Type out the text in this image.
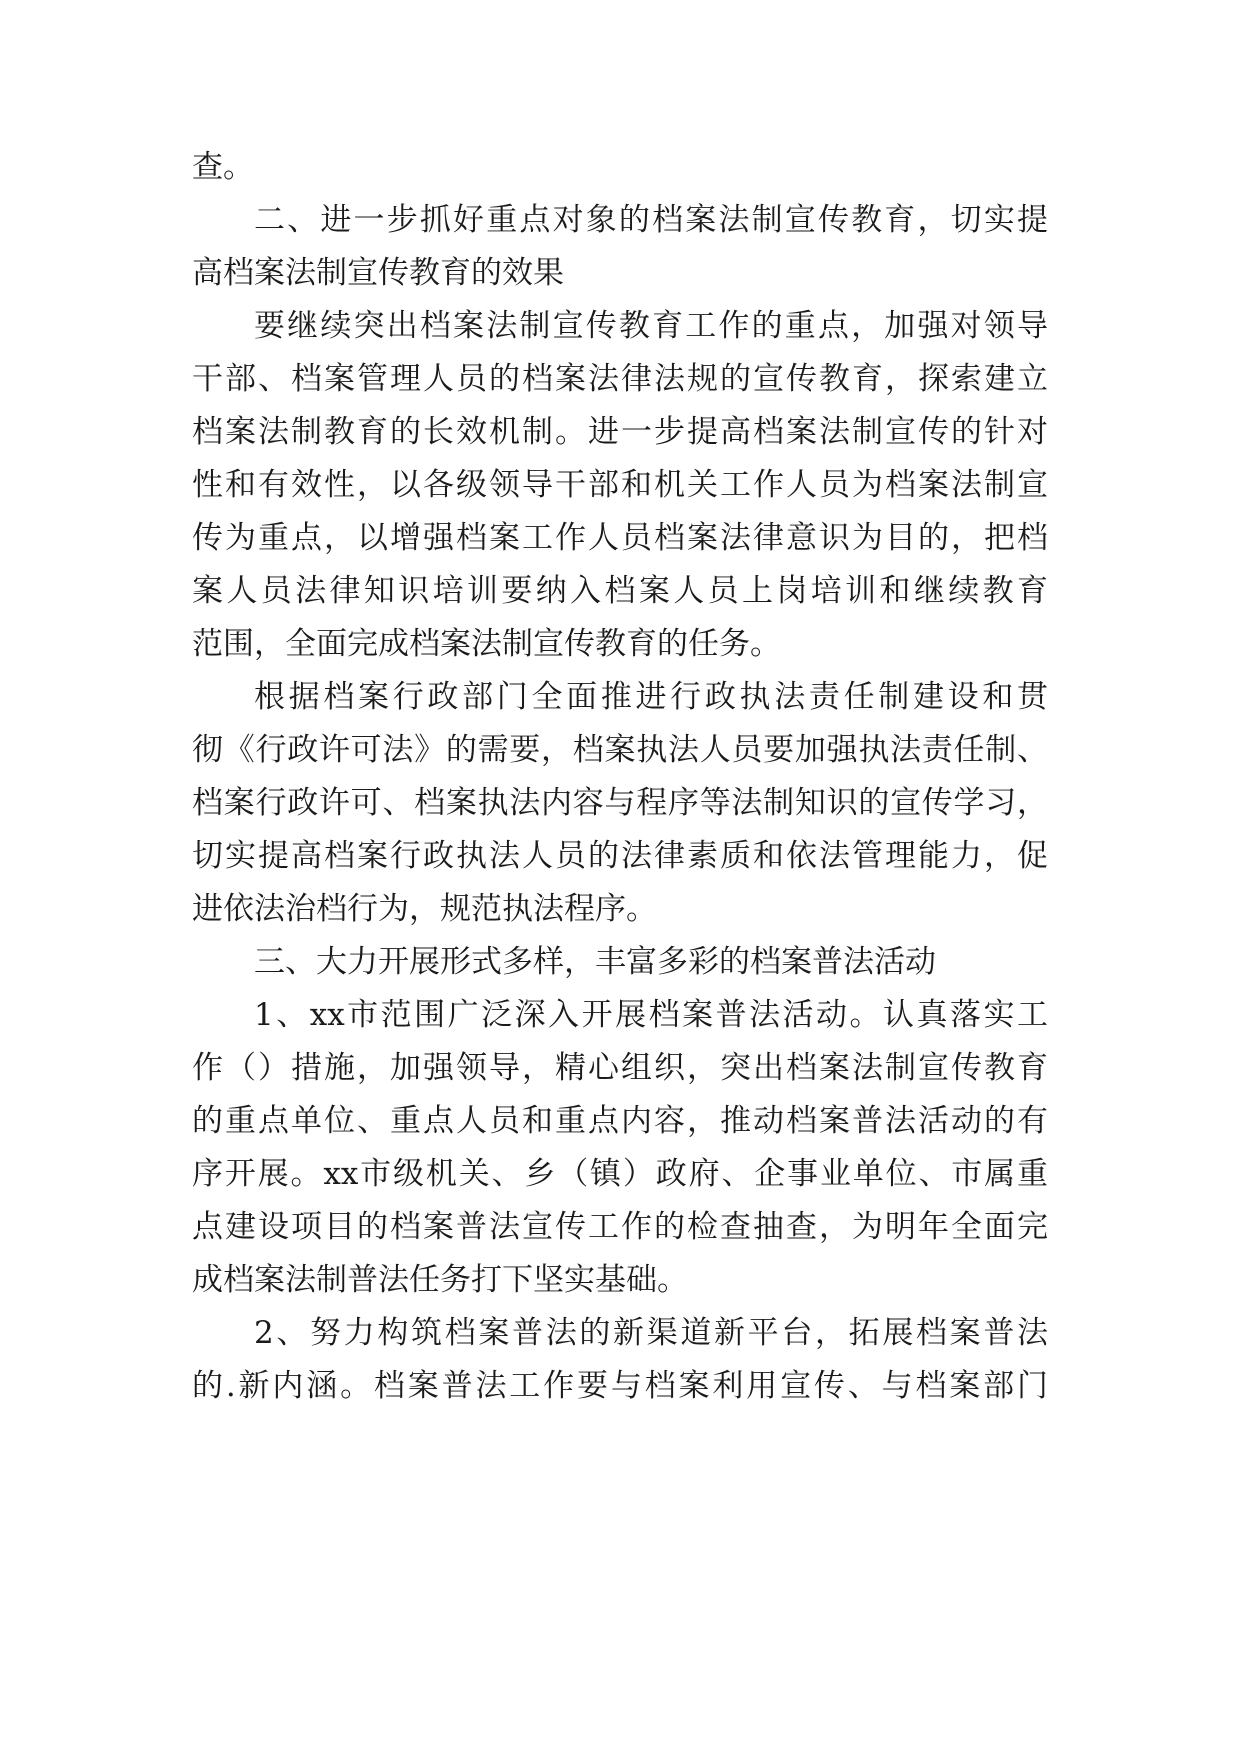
查。
二、进一步抓好重点对象的档案法制宣传教育，切实提
高档案法制宣传教育的效果
要继续突出档案法制宣传教育工作的重点，加强对领导
干部、档案管理人员的档案法律法规的宣传教育，探索建立
档案法制教育的长效机制。进一步提高档案法制宣传的针对
性和有效性，以各级领导干部和机关工作人员为档案法制宣
传为重点，以增强档案工作人员档案法律意识为目的，把档
案人员法律知识培训要纳入档案人员上岗培训和继续教育
范围，全面完成档案法制宣传教育的任务。
根据档案行政部门全面推进行政执法责任制建设和贯
彻《行政许可法》的需要，档案执法人员要加强执法责任制、
档案行政许可、档案执法内容与程序等法制知识的宣传学习，
切实提高档案行政执法人员的法律素质和依法管理能力，促
进依法治档行为，规范执法程序。
三、大力开展形式多样，丰富多彩的档案普法活动
1、xx市范围广泛深入开展档案普法活动。认真落实工
作（）措施，加强领导，精心组织，突出档案法制宣传教育
的重点单位、重点人员和重点内容，推动档案普法活动的有
序开展。xx市级机关、乡（镇）政府、企事业单位、市属重
点建设项目的档案普法宣传工作的检查抽查，为明年全面完
成档案法制普法任务打下坚实基础。
2、努力构筑档案普法的新渠道新平台，拓展档案普法
的.新内涵。档案普法工作要与档案利用宣传、与档案部门
